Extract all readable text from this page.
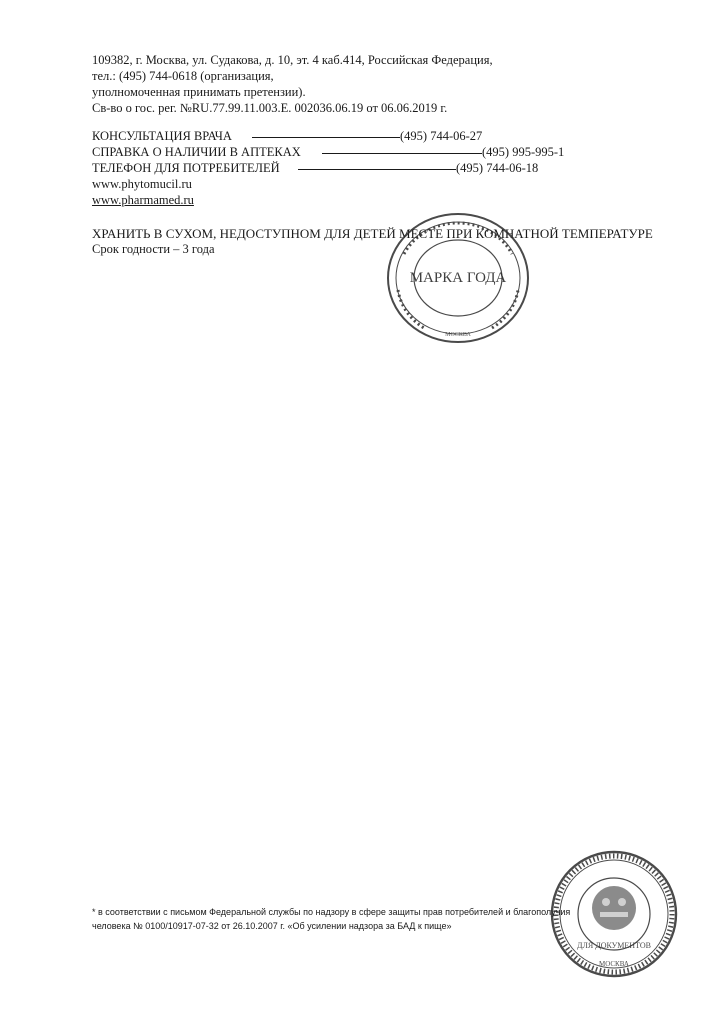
109382, г. Москва, ул. Судакова, д. 10, эт. 4 каб.414, Российская Федерация,
тел.: (495) 744-0618 (организация,
уполномоченная принимать претензии).
Св-во о гос. рег. №RU.77.99.11.003.E. 002036.06.19 от 06.06.2019 г.
КОНСУЛЬТАЦИЯ ВРАЧА	(495) 744-06-27
СПРАВКА О НАЛИЧИИ В АПТЕКАХ	(495) 995-995-1
ТЕЛЕФОН ДЛЯ ПОТРЕБИТЕЛЕЙ	(495) 744-06-18
www.phytomucil.ru
www.pharmamed.ru
ХРАНИТЬ В СУХОМ, НЕДОСТУПНОМ ДЛЯ ДЕТЕЙ МЕСТЕ ПРИ КОМНАТНОЙ ТЕМПЕРАТУРЕ
Срок годности – 3 года
МАРКА ГОДА
МОСКВА
* в соответствии с письмом Федеральной службы по надзору в сфере защиты прав потребителей и благополучия
человека № 0100/10917-07-32 от 26.10.2007 г. «Об усилении надзора за БАД к пище»
ДЛЯ ДОКУМЕНТОВ
МОСКВА
